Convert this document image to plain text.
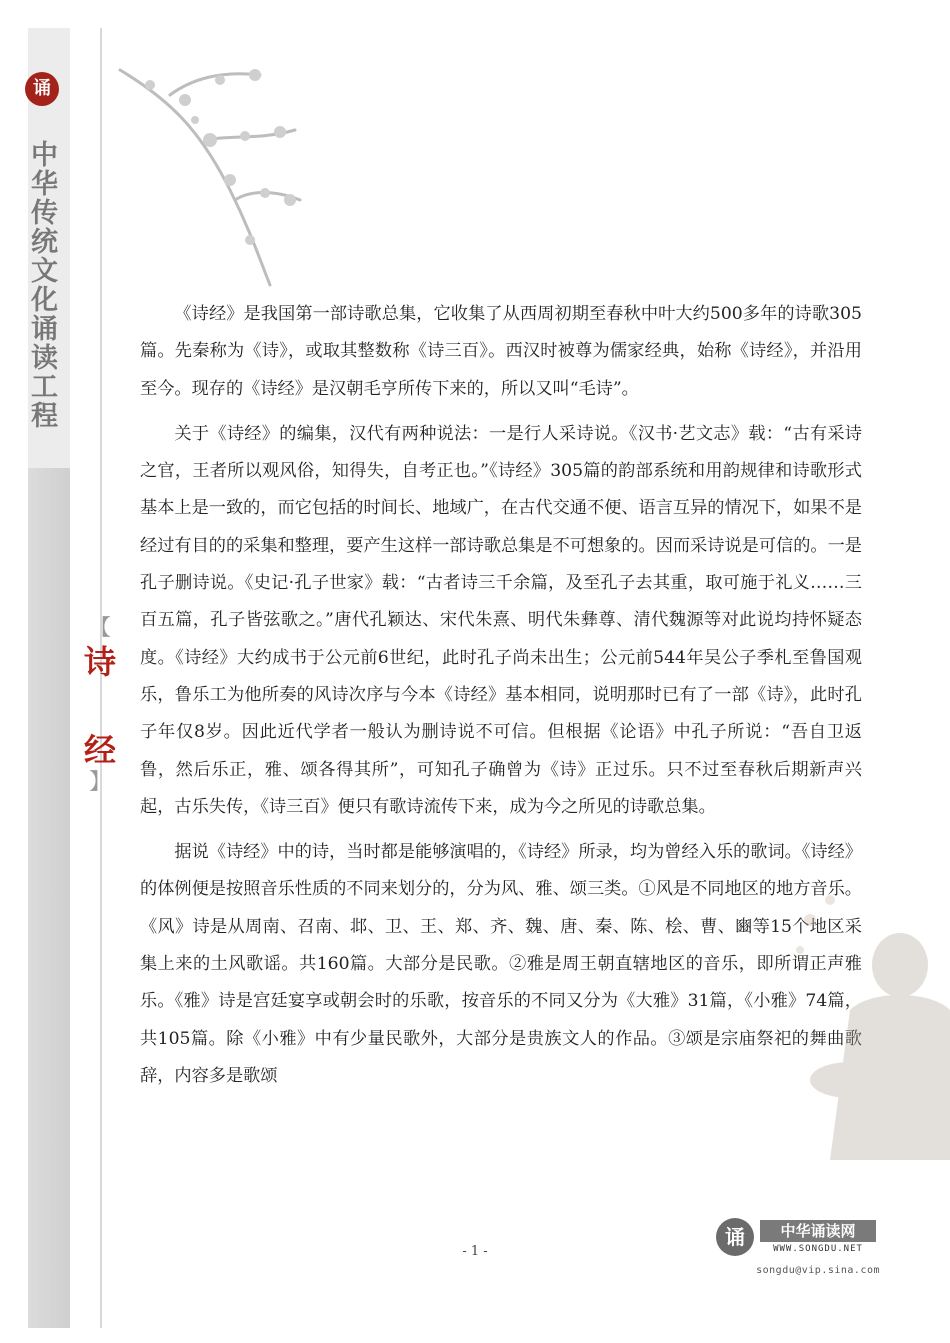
诵
中华传统文化诵读工程
【
诗
经
】

《诗经》是我国第一部诗歌总集，它收集了从西周初期至春秋中叶大约500多年的诗歌305篇。先秦称为《诗》，或取其整数称《诗三百》。西汉时被尊为儒家经典，始称《诗经》，并沿用至今。现存的《诗经》是汉朝毛亨所传下来的，所以又叫“毛诗”。

关于《诗经》的编集，汉代有两种说法：一是行人采诗说。《汉书·艺文志》载：“古有采诗之官，王者所以观风俗，知得失，自考正也。”《诗经》305篇的韵部系统和用韵规律和诗歌形式基本上是一致的，而它包括的时间长、地域广，在古代交通不便、语言互异的情况下，如果不是经过有目的的采集和整理，要产生这样一部诗歌总集是不可想象的。因而采诗说是可信的。一是孔子删诗说。《史记·孔子世家》载：“古者诗三千余篇，及至孔子去其重，取可施于礼义……三百五篇，孔子皆弦歌之。”唐代孔颖达、宋代朱熹、明代朱彝尊、清代魏源等对此说均持怀疑态度。《诗经》大约成书于公元前6世纪，此时孔子尚未出生；公元前544年吴公子季札至鲁国观乐，鲁乐工为他所奏的风诗次序与今本《诗经》基本相同，说明那时已有了一部《诗》，此时孔子年仅8岁。因此近代学者一般认为删诗说不可信。但根据《论语》中孔子所说：“吾自卫返鲁，然后乐正，雅、颂各得其所”，可知孔子确曾为《诗》正过乐。只不过至春秋后期新声兴起，古乐失传，《诗三百》便只有歌诗流传下来，成为今之所见的诗歌总集。

据说《诗经》中的诗，当时都是能够演唱的，《诗经》所录，均为曾经入乐的歌词。《诗经》的体例便是按照音乐性质的不同来划分的，分为风、雅、颂三类。①风是不同地区的地方音乐。《风》诗是从周南、召南、邶、卫、王、郑、齐、魏、唐、秦、陈、桧、曹、豳等15个地区采集上来的土风歌谣。共160篇。大部分是民歌。②雅是周王朝直辖地区的音乐，即所谓正声雅乐。《雅》诗是宫廷宴享或朝会时的乐歌，按音乐的不同又分为《大雅》31篇，《小雅》74篇，共105篇。除《小雅》中有少量民歌外，大部分是贵族文人的作品。③颂是宗庙祭祀的舞曲歌辞，内容多是歌颂

- 1 -
诵	中华诵读网
WWW.SONGDU.NET
songdu@vip.sina.com
